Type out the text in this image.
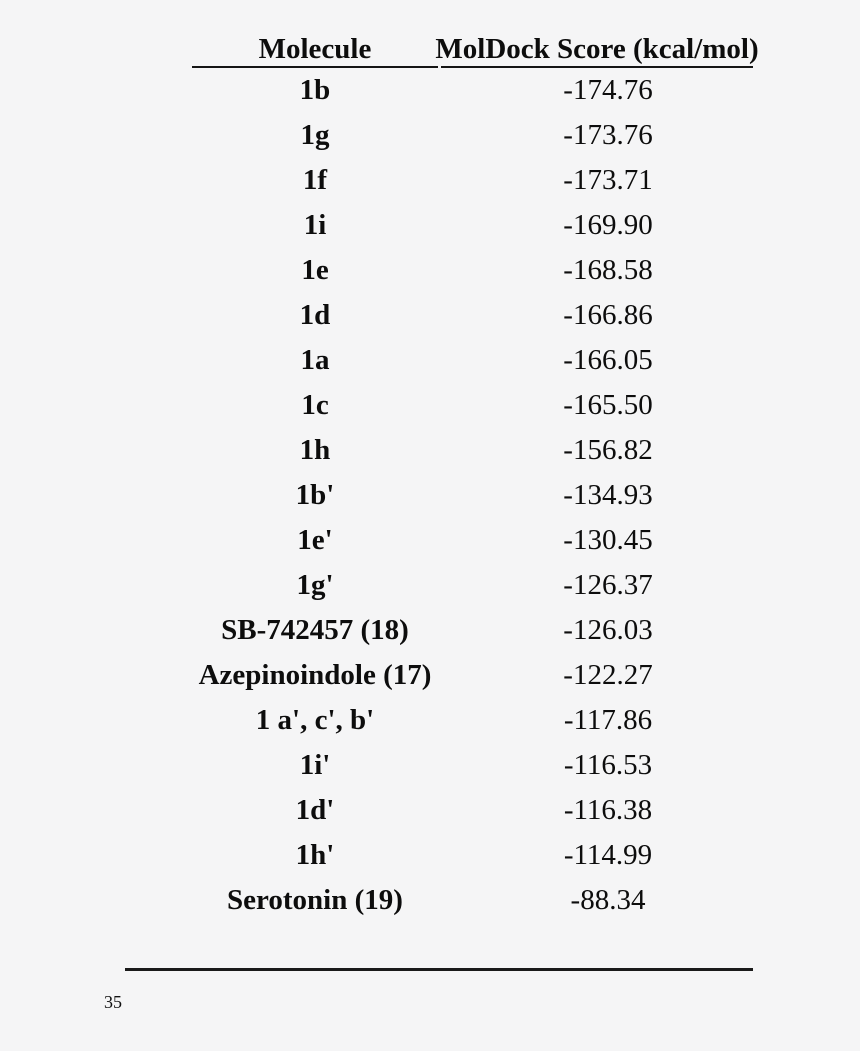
Molecule	MolDock Score (kcal/mol)
1b	-174.76
1g	-173.76
1f	-173.71
1i	-169.90
1e	-168.58
1d	-166.86
1a	-166.05
1c	-165.50
1h	-156.82
1b'	-134.93
1e'	-130.45
1g'	-126.37
SB-742457 (18)	-126.03
Azepinoindole (17)	-122.27
1 a', c', b'	-117.86
1i'	-116.53
1d'	-116.38
1h'	-114.99
Serotonin (19)	-88.34
35
